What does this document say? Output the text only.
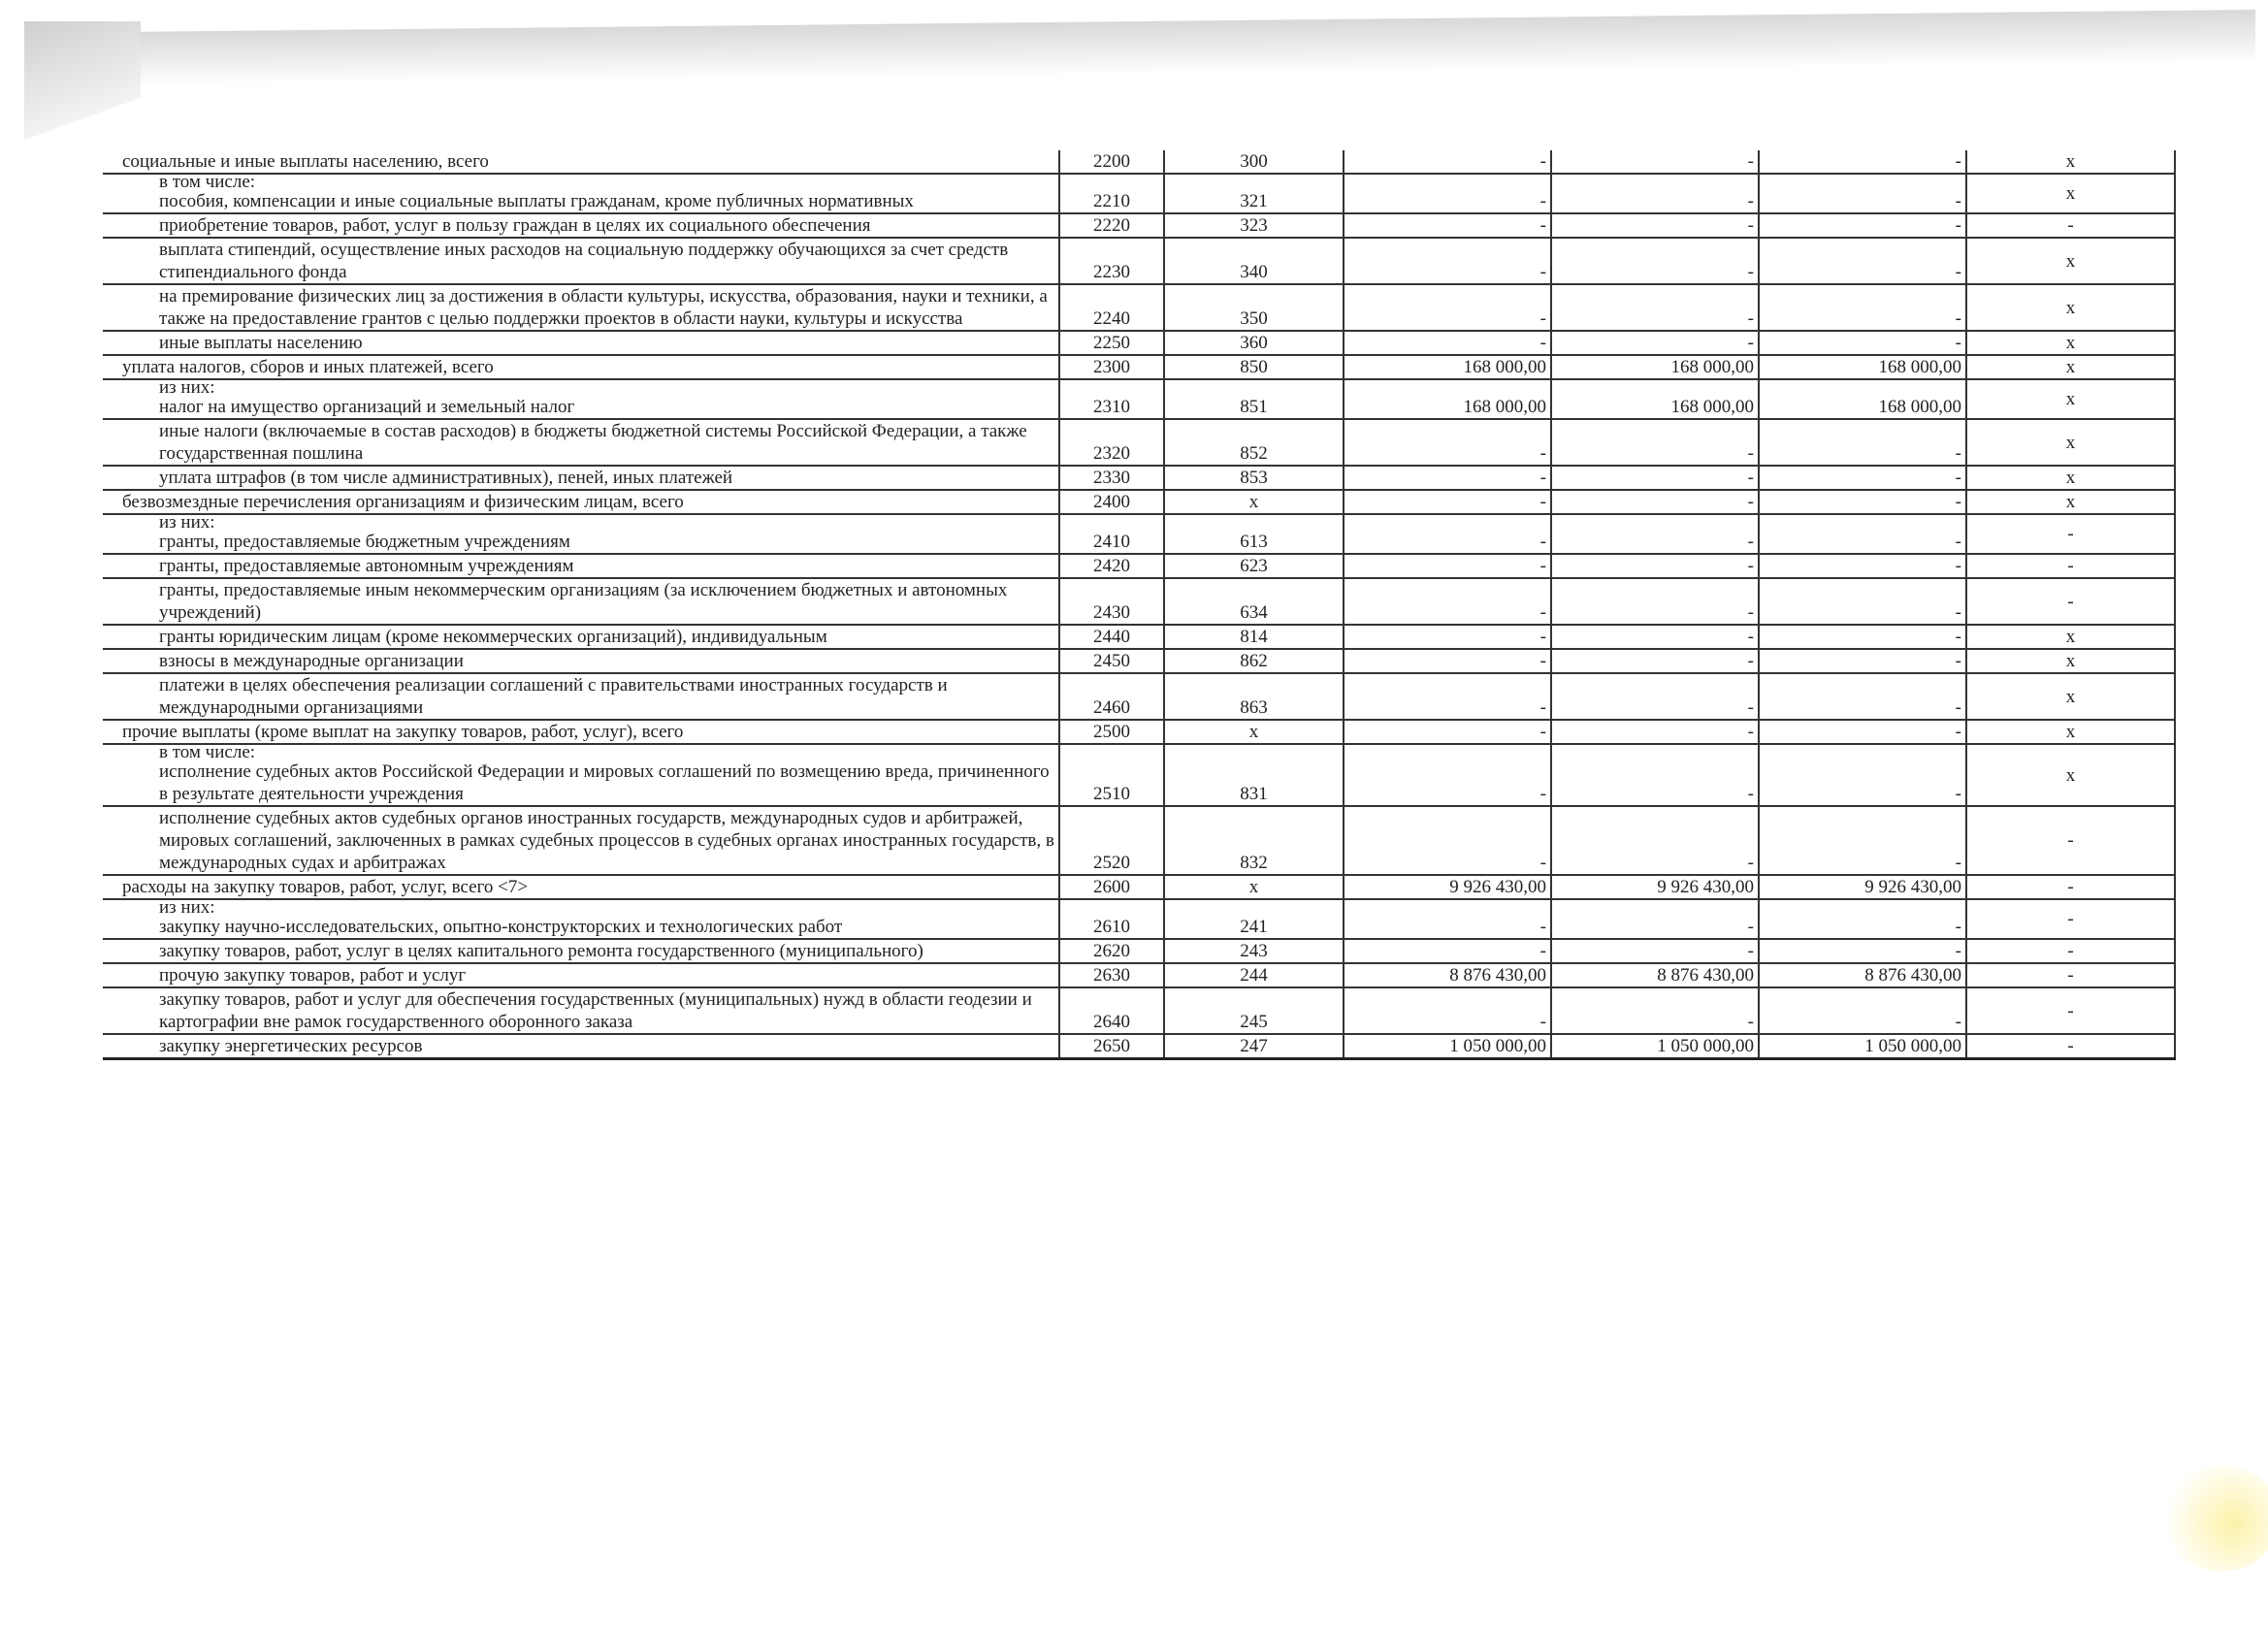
социальные и иные выплаты населению, всего	2200	300	-	-	-	x

в том числе:
пособия, компенсации и иные социальные выплаты гражданам, кроме публичных нормативных	2210	321	-	-	-	x
приобретение товаров, работ, услуг в пользу граждан в целях их социального обеспечения	2220	323	-	-	-	-
выплата стипендий, осуществление иных расходов на социальную поддержку обучающихся за счет средств стипендиального фонда	2230	340	-	-	-	x
на премирование физических лиц за достижения в области культуры, искусства, образования, науки и техники, а также на предоставление грантов с целью поддержки проектов в области науки, культуры и искусства	2240	350	-	-	-	x
иные выплаты населению	2250	360	-	-	-	x
уплата налогов, сборов и иных платежей, всего	2300	850	168 000,00	168 000,00	168 000,00	x

из них:
налог на имущество организаций и земельный налог	2310	851	168 000,00	168 000,00	168 000,00	x
иные налоги (включаемые в состав расходов) в бюджеты бюджетной системы Российской Федерации, а также государственная пошлина	2320	852	-	-	-	x
уплата штрафов (в том числе административных), пеней, иных платежей	2330	853	-	-	-	x
безвозмездные перечисления организациям и физическим лицам, всего	2400	x	-	-	-	x

из них:
гранты, предоставляемые бюджетным учреждениям	2410	613	-	-	-	-
гранты, предоставляемые автономным учреждениям	2420	623	-	-	-	-
гранты, предоставляемые иным некоммерческим организациям (за исключением бюджетных и автономных учреждений)	2430	634	-	-	-	-
гранты юридическим лицам (кроме некоммерческих организаций), индивидуальным	2440	814	-	-	-	x
взносы в международные организации	2450	862	-	-	-	x
платежи в целях обеспечения реализации соглашений с правительствами иностранных государств и международными организациями	2460	863	-	-	-	x
прочие выплаты (кроме выплат на закупку товаров, работ, услуг), всего	2500	x	-	-	-	x

в том числе:
исполнение судебных актов Российской Федерации и мировых соглашений по возмещению вреда, причиненного в результате деятельности учреждения	2510	831	-	-	-	x
исполнение судебных актов судебных органов иностранных государств, международных судов и арбитражей, мировых соглашений, заключенных в рамках судебных процессов в судебных органах иностранных государств, в международных судах и арбитражах	2520	832	-	-	-	-
расходы на закупку товаров, работ, услуг, всего <7>	2600	x	9 926 430,00	9 926 430,00	9 926 430,00	-

из них:
закупку научно-исследовательских, опытно-конструкторских и технологических работ	2610	241	-	-	-	-
закупку товаров, работ, услуг в целях капитального ремонта государственного (муниципального)	2620	243	-	-	-	-
прочую закупку товаров, работ и услуг	2630	244	8 876 430,00	8 876 430,00	8 876 430,00	-
закупку товаров, работ и услуг для обеспечения государственных (муниципальных) нужд в области геодезии и картографии вне рамок государственного оборонного заказа	2640	245	-	-	-	-
закупку энергетических ресурсов	2650	247	1 050 000,00	1 050 000,00	1 050 000,00	-
